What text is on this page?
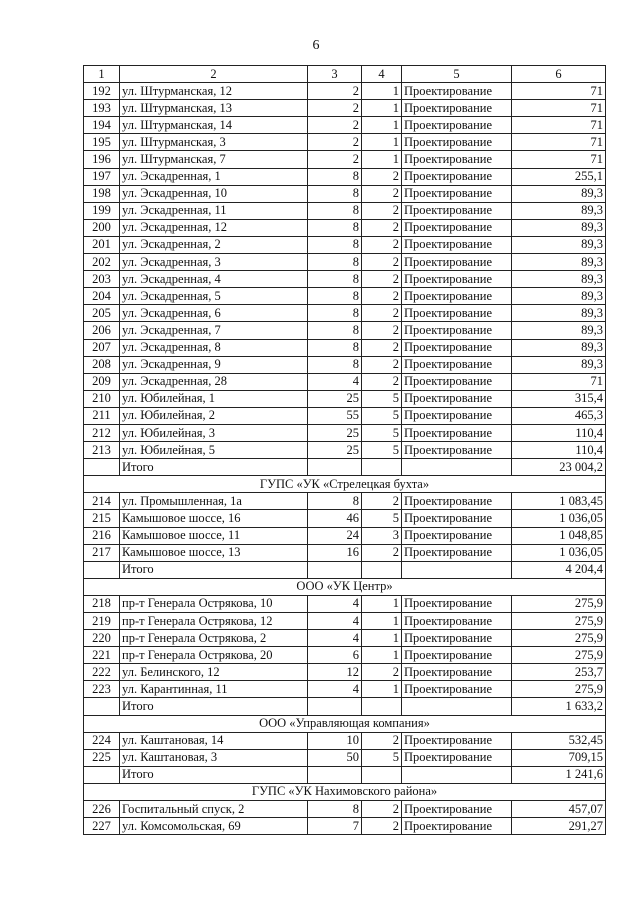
6
1	2	3	4	5	6
192	ул. Штурманская, 12	2	1	Проектирование	71
193	ул. Штурманская, 13	2	1	Проектирование	71
194	ул. Штурманская, 14	2	1	Проектирование	71
195	ул. Штурманская, 3	2	1	Проектирование	71
196	ул. Штурманская, 7	2	1	Проектирование	71
197	ул. Эскадренная, 1	8	2	Проектирование	255,1
198	ул. Эскадренная, 10	8	2	Проектирование	89,3
199	ул. Эскадренная, 11	8	2	Проектирование	89,3
200	ул. Эскадренная, 12	8	2	Проектирование	89,3
201	ул. Эскадренная, 2	8	2	Проектирование	89,3
202	ул. Эскадренная, 3	8	2	Проектирование	89,3
203	ул. Эскадренная, 4	8	2	Проектирование	89,3
204	ул. Эскадренная, 5	8	2	Проектирование	89,3
205	ул. Эскадренная, 6	8	2	Проектирование	89,3
206	ул. Эскадренная, 7	8	2	Проектирование	89,3
207	ул. Эскадренная, 8	8	2	Проектирование	89,3
208	ул. Эскадренная, 9	8	2	Проектирование	89,3
209	ул. Эскадренная, 28	4	2	Проектирование	71
210	ул. Юбилейная, 1	25	5	Проектирование	315,4
211	ул. Юбилейная, 2	55	5	Проектирование	465,3
212	ул. Юбилейная, 3	25	5	Проектирование	110,4
213	ул. Юбилейная, 5	25	5	Проектирование	110,4
	Итого				23 004,2
ГУПС «УК «Стрелецкая бухта»					
214	ул. Промышленная, 1а	8	2	Проектирование	1 083,45
215	Камышовое шоссе, 16	46	5	Проектирование	1 036,05
216	Камышовое шоссе, 11	24	3	Проектирование	1 048,85
217	Камышовое шоссе, 13	16	2	Проектирование	1 036,05
	Итого				4 204,4
ООО «УК Центр»					
218	пр-т Генерала Острякова, 10	4	1	Проектирование	275,9
219	пр-т Генерала Острякова, 12	4	1	Проектирование	275,9
220	пр-т Генерала Острякова, 2	4	1	Проектирование	275,9
221	пр-т Генерала Острякова, 20	6	1	Проектирование	275,9
222	ул. Белинского, 12	12	2	Проектирование	253,7
223	ул. Карантинная, 11	4	1	Проектирование	275,9
	Итого				1 633,2
ООО «Управляющая компания»					
224	ул. Каштановая, 14	10	2	Проектирование	532,45
225	ул. Каштановая, 3	50	5	Проектирование	709,15
	Итого				1 241,6
ГУПС «УК Нахимовского района»					
226	Госпитальный спуск, 2	8	2	Проектирование	457,07
227	ул. Комсомольская, 69	7	2	Проектирование	291,27
